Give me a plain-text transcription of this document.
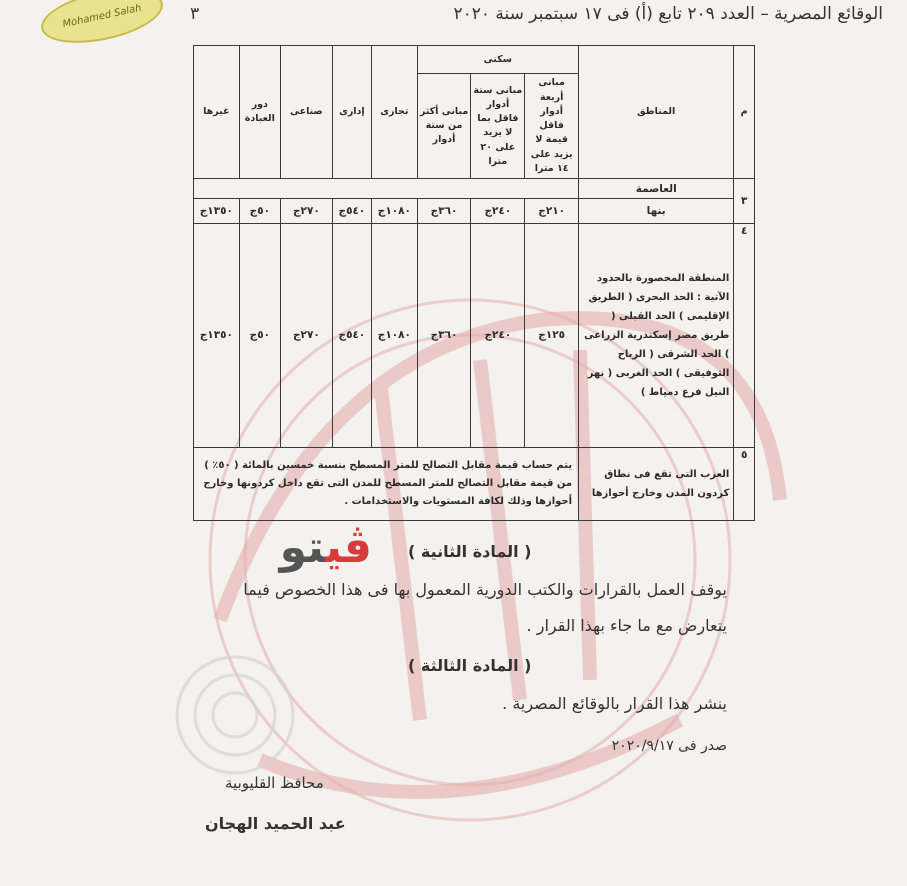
Mohamed Salah	الوقائع المصرية – العدد ٢٠٩ تابع (أ) فى ١٧ سبتمبر سنة ٢٠٢٠
٣
م	المناطق	سكنى			تجارى	إدارى	صناعى	دور العبادة	غيرها
		مبانى أربعة أدوار فاقل قيمة لا يزيد على ١٤ مترا	مبانى ستة أدوار فاقل بما لا يزيد على ٢٠ مترا	مبانى أكثر من ستة أدوار					
٣	العاصمة								
	بنها	٢١٠ج	٢٤٠ج	٣٦٠ج	١٠٨٠ج	٥٤٠ج	٢٧٠ج	٥٠ج	١٣٥٠ج
٤	المنطقة المحصورة بالحدود الآتية : الحد البحرى ( الطريق الإقليمى ) الحد القبلى ( طريق مصر إسكندرية الزراعى ) الحد الشرقى ( الرياح التوفيقى ) الحد الغربى ( نهر النيل فرع دمياط )	١٢٥ج	٢٤٠ج	٣٦٠ج	١٠٨٠ج	٥٤٠ج	٢٧٠ج	٥٠ج	١٣٥٠ج
٥	العزب التى تقع فى نطاق كردون المدن وخارج أحوازها	يتم حساب قيمة مقابل التصالح للمتر المسطح بنسبة خمسين بالمائة ( ٥٠٪ ) من قيمة مقابل التصالح للمتر المسطح للمدن التى تقع داخل كردونها وخارج أحوازها وذلك لكافة المستويات والاستخدامات .							
ڤيتو	( المادة الثانية )
يوقف العمل بالقرارات والكتب الدورية المعمول بها فى هذا الخصوص فيما
يتعارض مع ما جاء بهذا القرار .
( المادة الثالثة )
ينشر هذا القرار بالوقائع المصرية .
صدر فى ٢٠٢٠/٩/١٧
محافظ القليوبية
عبد الحميد الهجان
